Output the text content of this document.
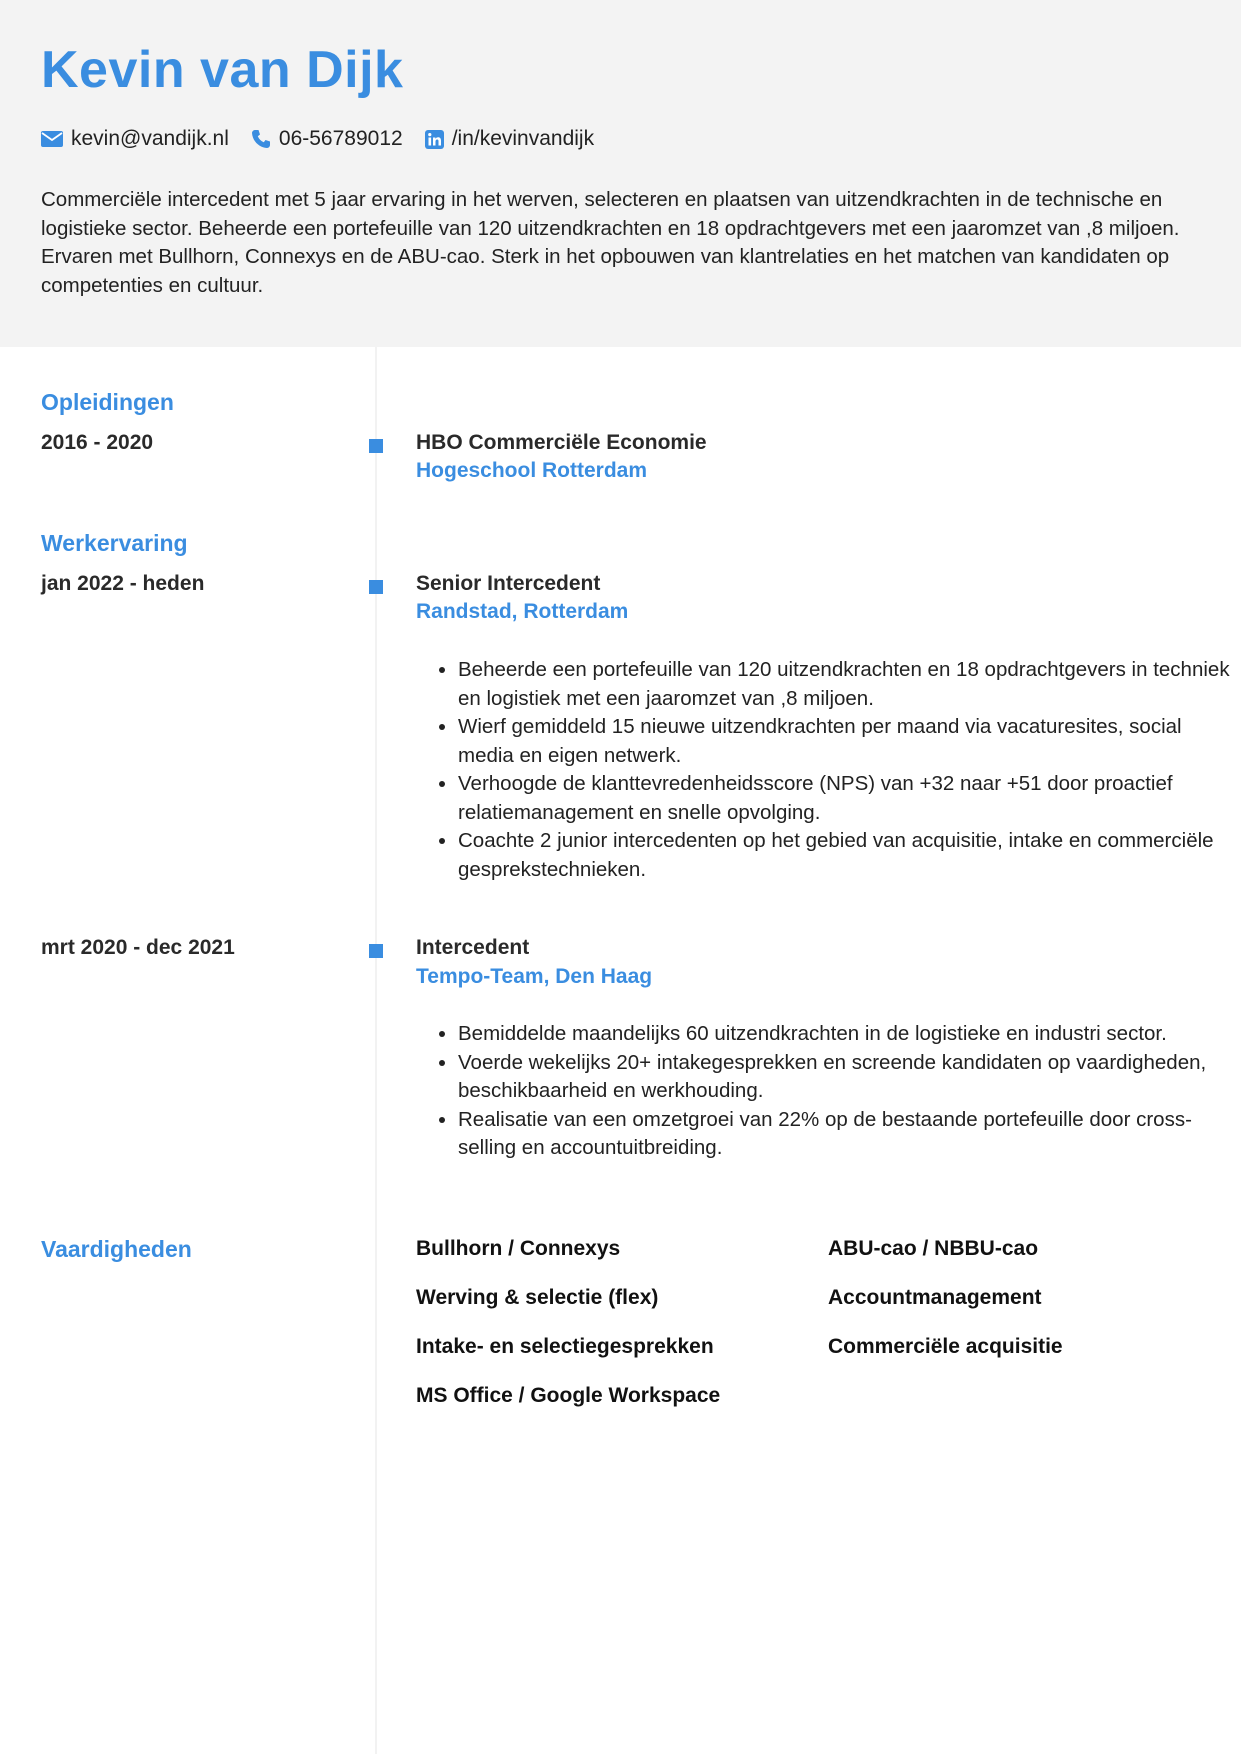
Kevin van Dijk
kevin@vandijk.nl 06-56789012 /in/kevinvandijk

Commerciële intercedent met 5 jaar ervaring in het werven, selecteren en plaatsen van uitzendkrachten in de technische en logistieke sector. Beheerde een portefeuille van 120 uitzendkrachten en 18 opdrachtgevers met een jaaromzet van ,8 miljoen. Ervaren met Bullhorn, Connexys en de ABU-cao. Sterk in het opbouwen van klantrelaties en het matchen van kandidaten op competenties en cultuur.

Opleidingen
2016 - 2020	HBO Commerciële Economie
Hogeschool Rotterdam
Werkervaring
jan 2022 - heden	Senior Intercedent
Randstad, Rotterdam
• Beheerde een portefeuille van 120 uitzendkrachten en 18 opdrachtgevers in techniek en logistiek met een jaaromzet van ,8 miljoen.
• Wierf gemiddeld 15 nieuwe uitzendkrachten per maand via vacaturesites, social media en eigen netwerk.
• Verhoogde de klanttevredenheidsscore (NPS) van +32 naar +51 door proactief relatiemanagement en snelle opvolging.
• Coachte 2 junior intercedenten op het gebied van acquisitie, intake en commerciële gesprekstechnieken.
mrt 2020 - dec 2021	Intercedent
Tempo-Team, Den Haag
• Bemiddelde maandelijks 60 uitzendkrachten in de logistieke en industri sector.
• Voerde wekelijks 20+ intakegesprekken en screende kandidaten op vaardigheden, beschikbaarheid en werkhouding.
• Realisatie van een omzetgroei van 22% op de bestaande portefeuille door cross-selling en accountuitbreiding.
Vaardigheden	Bullhorn / Connexys	ABU-cao / NBBU-cao
Werving & selectie (flex)	Accountmanagement
Intake- en selectiegesprekken	Commerciële acquisitie
MS Office / Google Workspace
